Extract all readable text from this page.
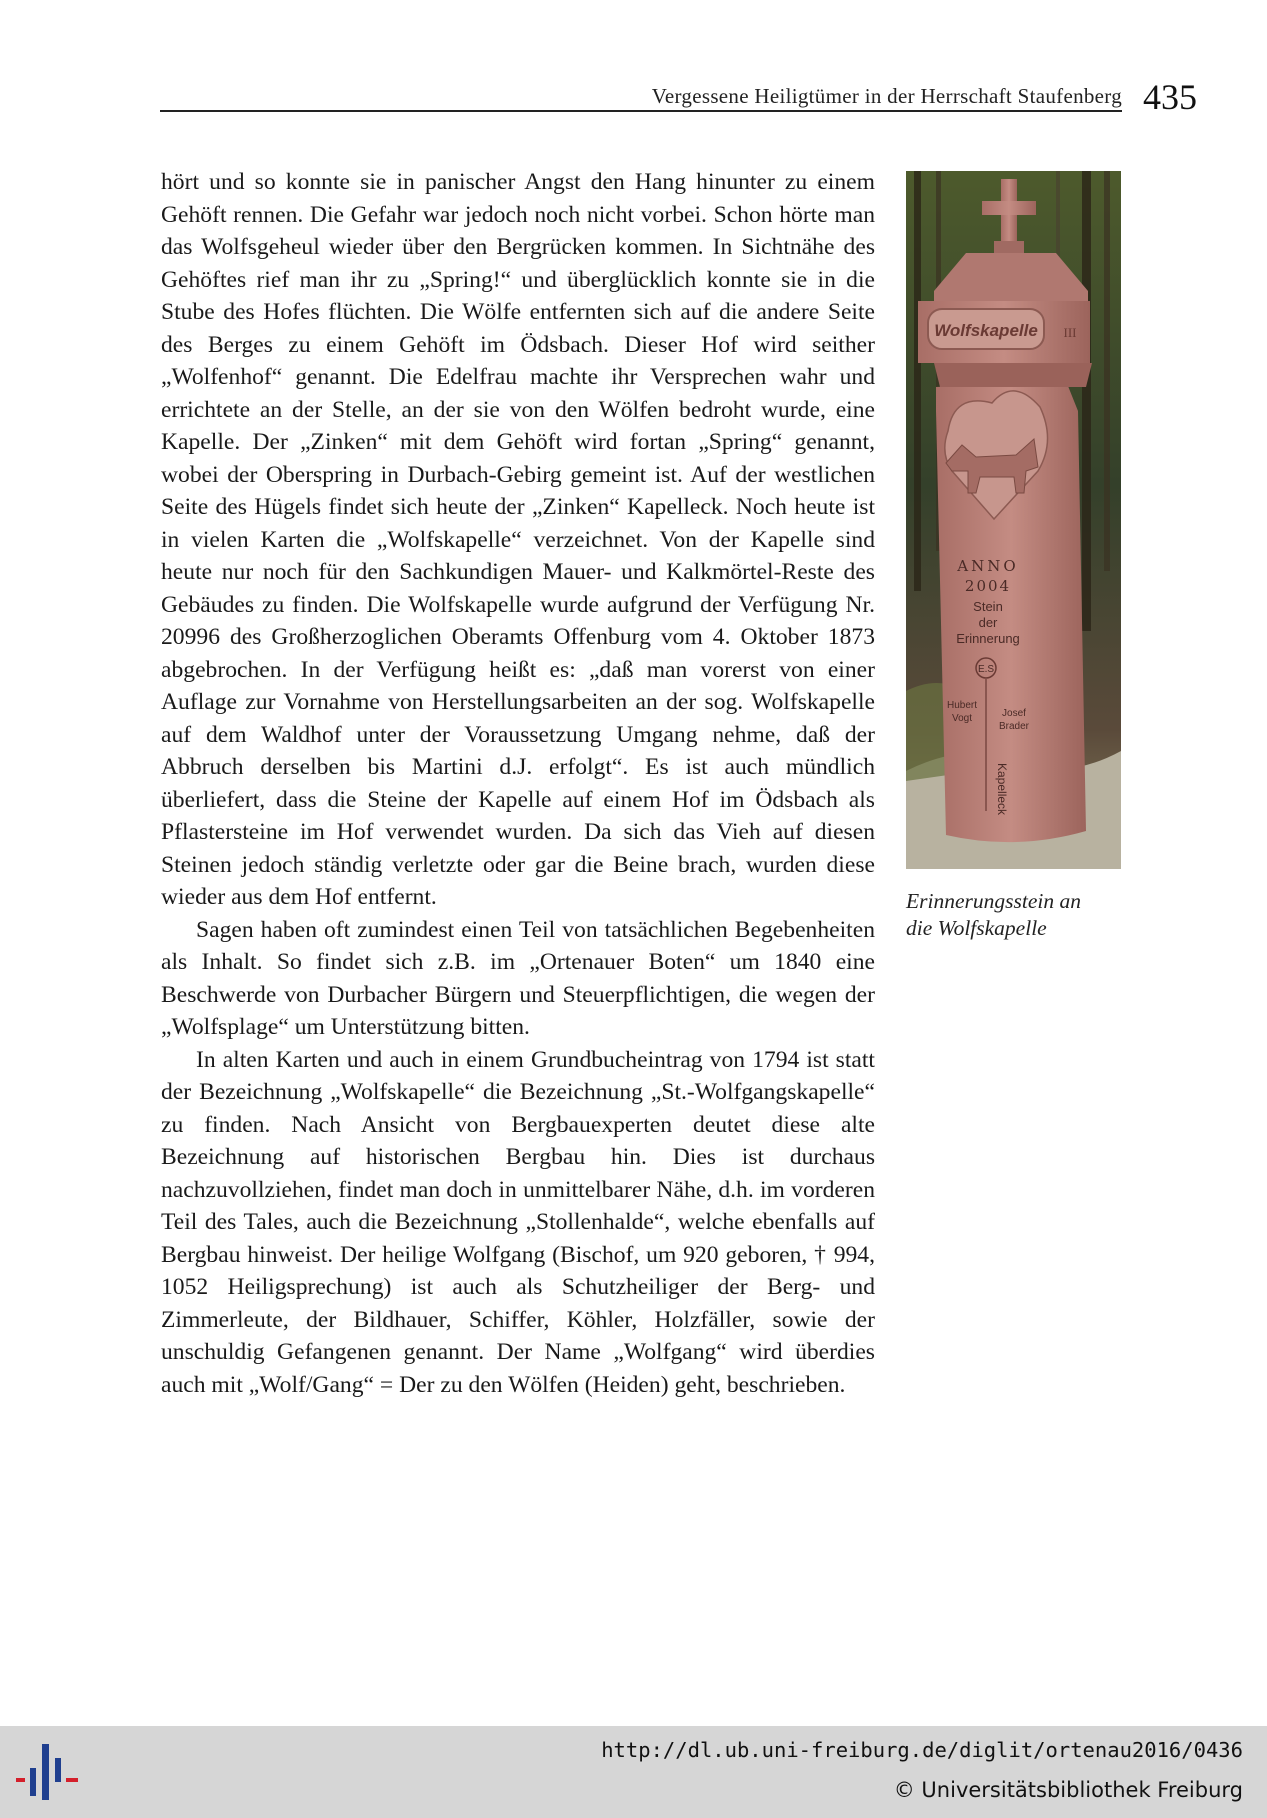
Vergessene Heiligtümer in der Herrschaft Staufenberg 435

hört und so konnte sie in panischer Angst den Hang hinunter zu einem Gehöft rennen. Die Gefahr war jedoch noch nicht vorbei. Schon hörte man das Wolfsgeheul wieder über den Bergrücken kommen. In Sichtnähe des Gehöftes rief man ihr zu „Spring!“ und überglücklich konnte sie in die Stube des Hofes flüchten. Die Wölfe entfernten sich auf die andere Seite des Berges zu einem Gehöft im Ödsbach. Dieser Hof wird seither „Wolfenhof“ genannt. Die Edelfrau machte ihr Versprechen wahr und errichtete an der Stelle, an der sie von den Wölfen bedroht wurde, eine Kapelle. Der „Zinken“ mit dem Gehöft wird fortan „Spring“ genannt, wobei der Oberspring in Durbach-Gebirg gemeint ist. Auf der westlichen Seite des Hügels findet sich heute der „Zinken“ Kapelleck. Noch heute ist in vielen Karten die „Wolfskapelle“ verzeichnet. Von der Kapelle sind heute nur noch für den Sachkundigen Mauer- und Kalkmörtel-Reste des Gebäudes zu finden. Die Wolfskapelle wurde aufgrund der Verfügung Nr. 20996 des Großherzoglichen Oberamts Offenburg vom 4. Oktober 1873 abgebrochen. In der Verfügung heißt es: „daß man vorerst von einer Auflage zur Vornahme von Herstellungsarbeiten an der sog. Wolfskapelle auf dem Waldhof unter der Voraussetzung Umgang nehme, daß der Abbruch derselben bis Martini d.J. erfolgt“. Es ist auch mündlich überliefert, dass die Steine der Kapelle auf einem Hof im Ödsbach als Pflastersteine im Hof verwendet wurden. Da sich das Vieh auf diesen Steinen jedoch ständig verletzte oder gar die Beine brach, wurden diese wieder aus dem Hof entfernt.

Sagen haben oft zumindest einen Teil von tatsächlichen Begebenheiten als Inhalt. So findet sich z.B. im „Ortenauer Boten“ um 1840 eine Beschwerde von Durbacher Bürgern und Steuerpflichtigen, die wegen der „Wolfsplage“ um Unterstützung bitten.

In alten Karten und auch in einem Grundbucheintrag von 1794 ist statt der Bezeichnung „Wolfskapelle“ die Bezeichnung „St.-Wolfgangskapelle“ zu finden. Nach Ansicht von Bergbauexperten deutet diese alte Bezeichnung auf historischen Bergbau hin. Dies ist durchaus nachzuvollziehen, findet man doch in unmittelbarer Nähe, d.h. im vorderen Teil des Tales, auch die Bezeichnung „Stollenhalde“, welche ebenfalls auf Bergbau hinweist. Der heilige Wolfgang (Bischof, um 920 geboren, † 994, 1052 Heiligsprechung) ist auch als Schutzheiliger der Berg- und Zimmerleute, der Bildhauer, Schiffer, Köhler, Holzfäller, sowie der unschuldig Gefangenen genannt. Der Name „Wolfgang“ wird überdies auch mit „Wolf/Gang“ = Der zu den Wölfen (Heiden) geht, beschrieben.

Wolfskapelle III
ANNO
2004
Stein
der
Erinnerung
E.S
Hubert
Vogt	Josef
Brader
Kapelleck
Erinnerungsstein an
die Wolfskapelle
http://dl.ub.uni-freiburg.de/diglit/ortenau2016/0436
© Universitätsbibliothek Freiburg
